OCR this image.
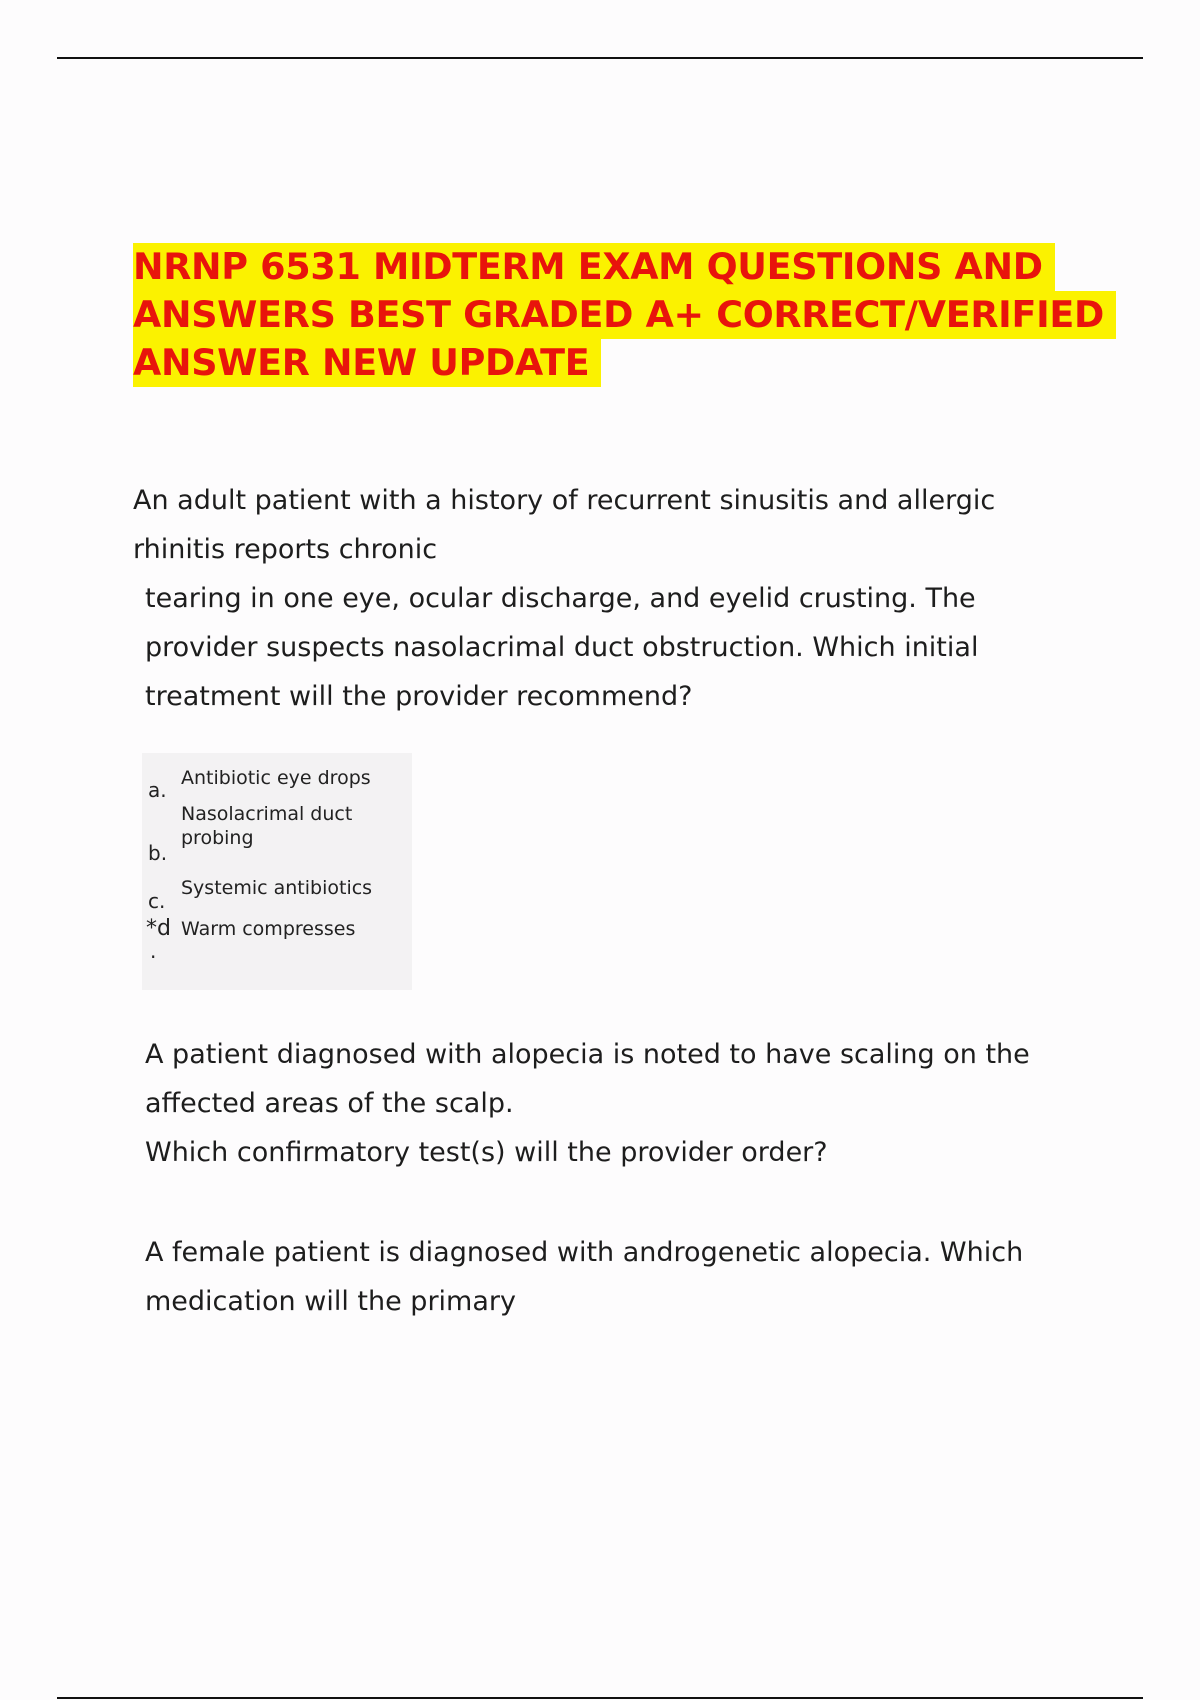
NRNP 6531 MIDTERM EXAM QUESTIONS AND
ANSWERS BEST GRADED A+ CORRECT/VERIFIED
ANSWER NEW UPDATE
An adult patient with a history of recurrent sinusitis and allergic
rhinitis reports chronic
tearing in one eye, ocular discharge, and eyelid crusting. The
provider suspects nasolacrimal duct obstruction. Which initial
treatment will the provider recommend?
a. Antibiotic eye drops
Nasolacrimal duct
probing
b.
Systemic antibiotics
c.
*d Warm compresses
.
A patient diagnosed with alopecia is noted to have scaling on the
affected areas of the scalp.
Which confirmatory test(s) will the provider order?
A female patient is diagnosed with androgenetic alopecia. Which
medication will the primary
